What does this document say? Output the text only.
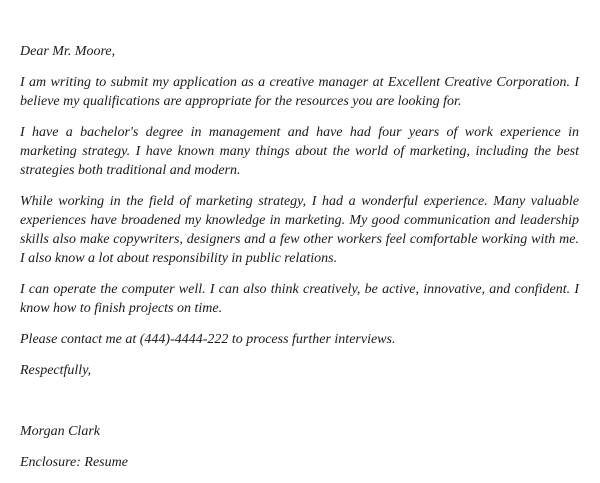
Dear Mr. Moore,

I am writing to submit my application as a creative manager at Excellent Creative Corporation. I believe my qualifications are appropriate for the resources you are looking for.

I have a bachelor's degree in management and have had four years of work experience in marketing strategy. I have known many things about the world of marketing, including the best strategies both traditional and modern.

While working in the field of marketing strategy, I had a wonderful experience. Many valuable experiences have broadened my knowledge in marketing. My good communication and leadership skills also make copywriters, designers and a few other workers feel comfortable working with me. I also know a lot about responsibility in public relations.

I can operate the computer well. I can also think creatively, be active, innovative, and confident. I know how to finish projects on time.

Please contact me at (444)-4444-222 to process further interviews.

Respectfully,

Morgan Clark

Enclosure: Resume
